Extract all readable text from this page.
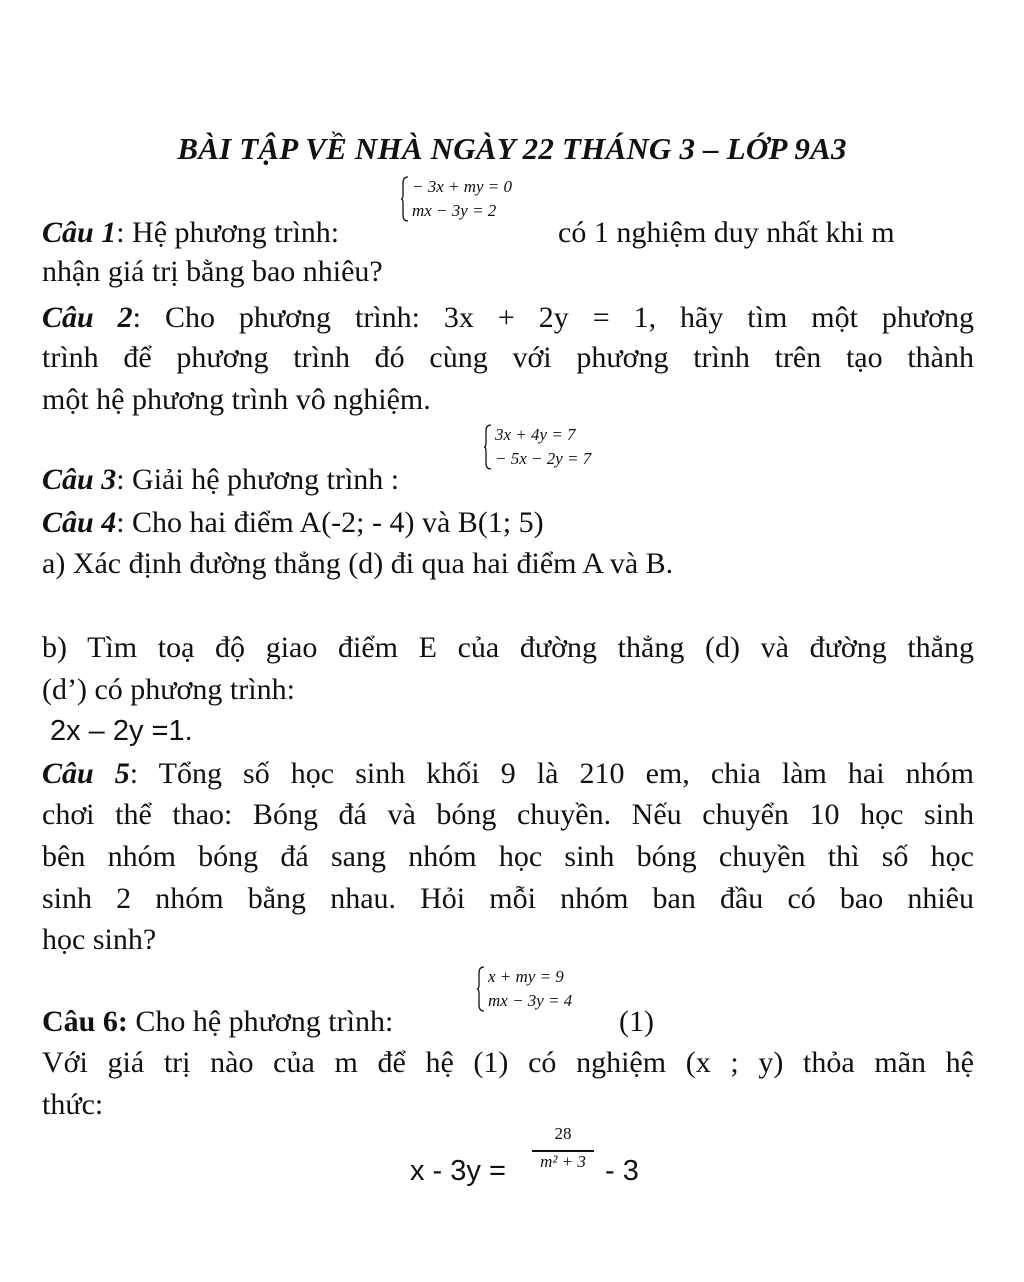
BÀI TẬP VỀ NHÀ NGÀY 22 THÁNG 3 – LỚP 9A3
− 3x + my = 0
mx − 3y = 2
Câu 1: Hệ phương trình:	có 1 nghiệm duy nhất khi m
nhận giá trị bằng bao nhiêu?
Câu 2: Cho phương trình: 3x + 2y = 1, hãy tìm một phương
trình để phương trình đó cùng với phương trình trên tạo thành
một hệ phương trình vô nghiệm.
3x + 4y = 7
− 5x − 2y = 7
Câu 3: Giải hệ phương trình :
Câu 4: Cho hai điểm A(-2; - 4) và B(1; 5)
a) Xác định đường thẳng (d) đi qua hai điểm A và B.
b) Tìm toạ độ giao điểm E của đường thẳng (d) và đường thẳng
(d’) có phương trình:
2x – 2y =1.
Câu 5: Tổng số học sinh khối 9 là 210 em, chia làm hai nhóm
chơi thể thao: Bóng đá và bóng chuyền. Nếu chuyển 10 học sinh
bên nhóm bóng đá sang nhóm học sinh bóng chuyền thì số học
sinh 2 nhóm bằng nhau. Hỏi mỗi nhóm ban đầu có bao nhiêu
học sinh?
x + my = 9
mx − 3y = 4
Câu 6: Cho hệ phương trình:	(1)
Với giá trị nào của m để hệ (1) có nghiệm (x ; y) thỏa mãn hệ
thức:
x - 3y =
28
m² + 3 - 3
